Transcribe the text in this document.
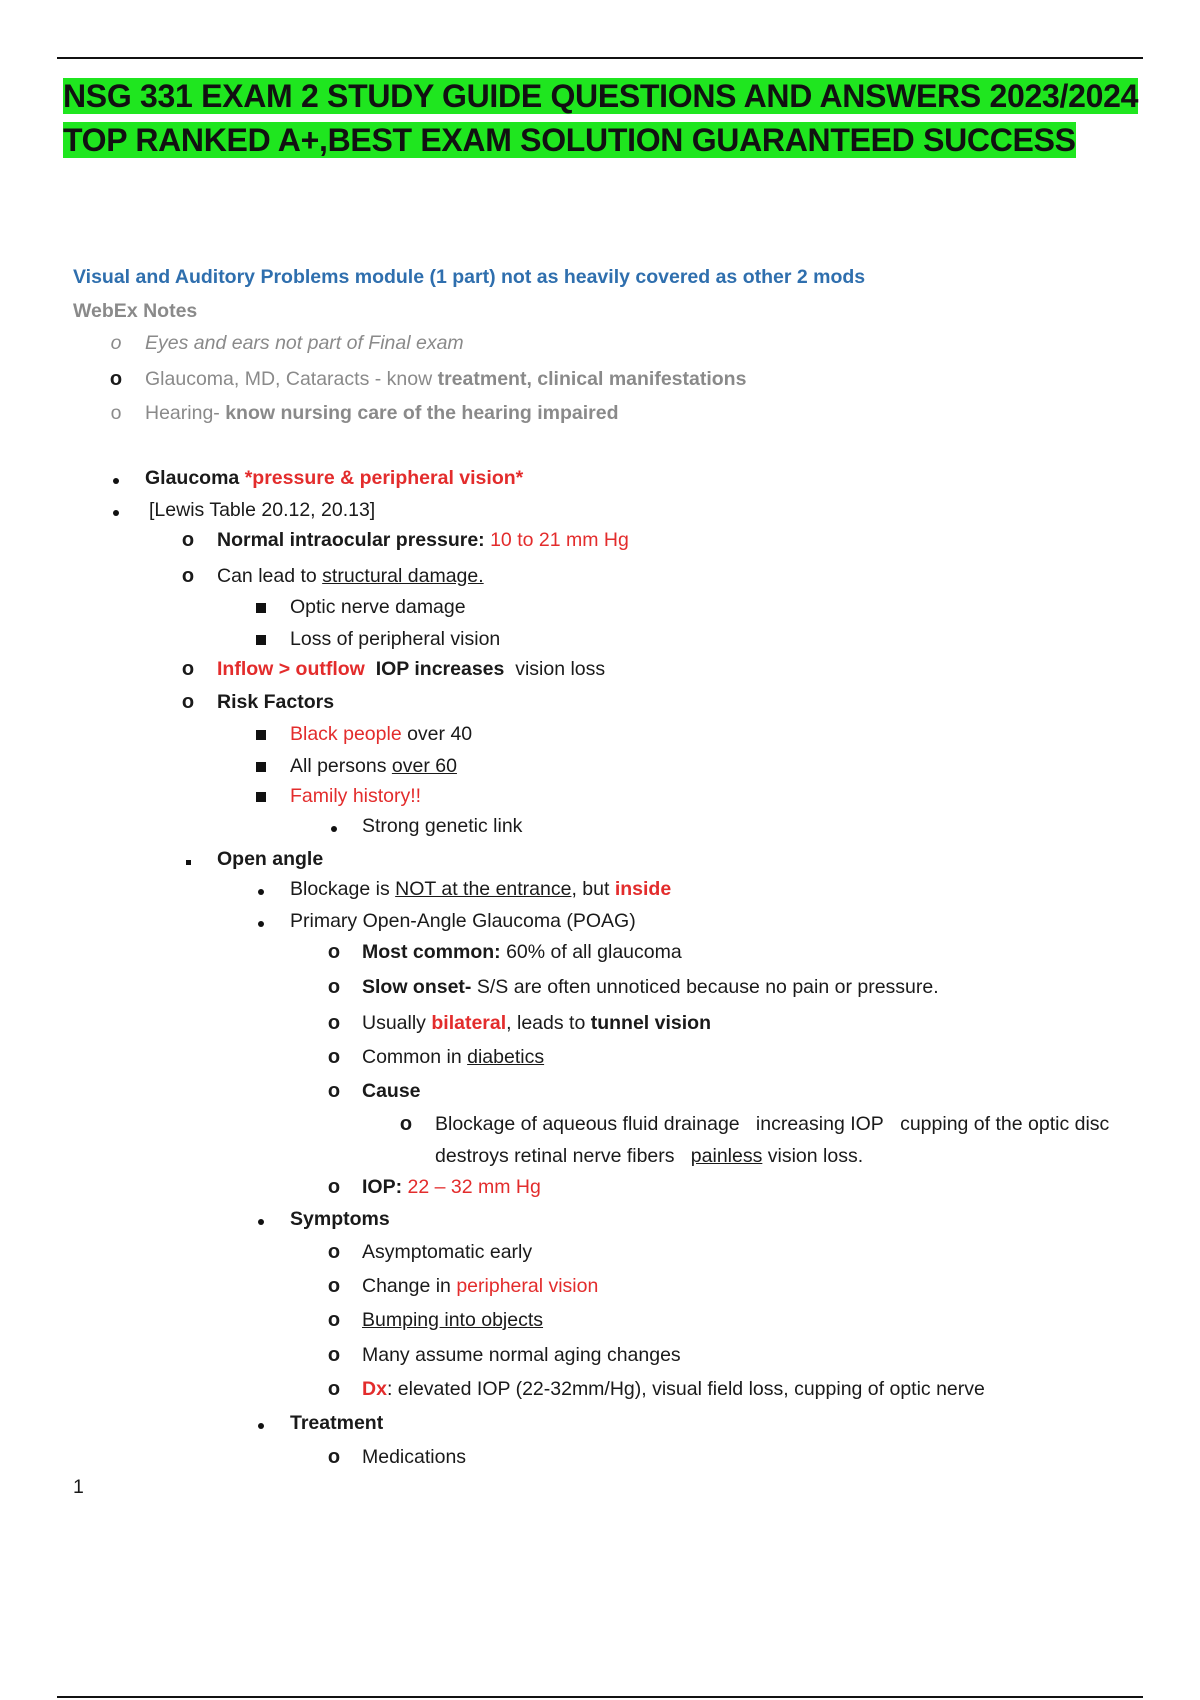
NSG 331 EXAM 2 STUDY GUIDE QUESTIONS AND ANSWERS 2023/2024
TOP RANKED A+,BEST EXAM SOLUTION GUARANTEED SUCCESS
Visual and Auditory Problems module (1 part) not as heavily covered as other 2 mods
WebEx Notes
o Eyes and ears not part of Final exam
o Glaucoma, MD, Cataracts - know treatment, clinical manifestations
o Hearing- know nursing care of the hearing impaired
Glaucoma *pressure & peripheral vision*
[Lewis Table 20.12, 20.13]
o Normal intraocular pressure: 10 to 21 mm Hg
o Can lead to structural damage.
Optic nerve damage
Loss of peripheral vision
o Inflow > outflow IOP increases vision loss
o Risk Factors
Black people over 40
All persons over 60
Family history!!
Strong genetic link
Open angle
Blockage is NOT at the entrance, but inside
Primary Open-Angle Glaucoma (POAG)
o Most common: 60% of all glaucoma
o Slow onset- S/S are often unnoticed because no pain or pressure.
o Usually bilateral, leads to tunnel vision
o Common in diabetics
o Cause
o Blockage of aqueous fluid drainage increasing IOP cupping of the optic disc
destroys retinal nerve fibers painless vision loss.
o IOP: 22 – 32 mm Hg
Symptoms
o Asymptomatic early
o Change in peripheral vision
o Bumping into objects
o Many assume normal aging changes
o Dx: elevated IOP (22-32mm/Hg), visual field loss, cupping of optic nerve
Treatment
o Medications
1
